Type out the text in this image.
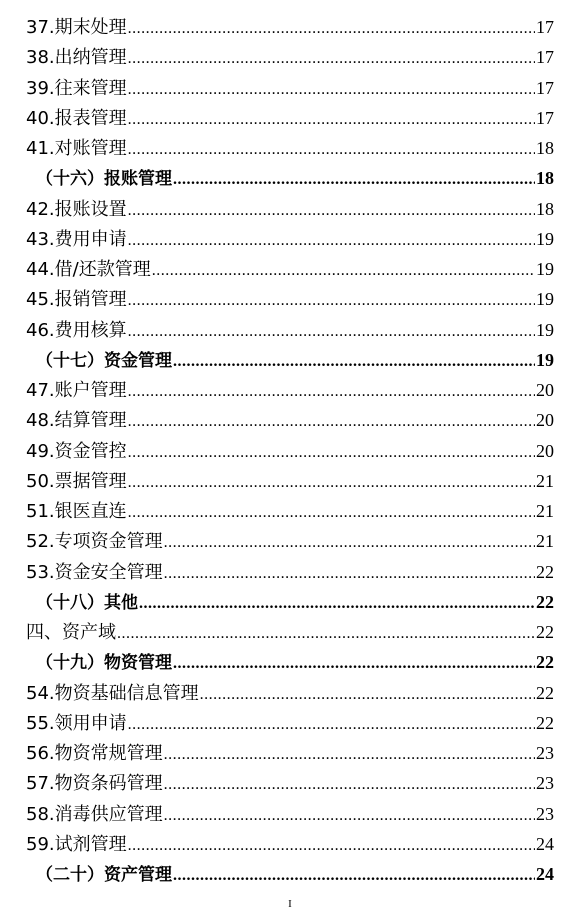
37.期末处理 .....	17
38.出纳管理 .....	17
39.往来管理 .....	17
40.报表管理 .....	17
41.对账管理 .....	18
（十六）报账管理 .....	18
42.报账设置 .....	18
43.费用申请 .....	19
44.借/还款管理 .....	19
45.报销管理 .....	19
46.费用核算 .....	19
（十七）资金管理 .....	19
47.账户管理 .....	20
48.结算管理 .....	20
49.资金管控 .....	20
50.票据管理 .....	21
51.银医直连 .....	21
52.专项资金管理 .....	21
53.资金安全管理 .....	22
（十八）其他 .....	22
四、资产域 .....	22
（十九）物资管理 .....	22
54.物资基础信息管理 .....	22
55.领用申请 .....	22
56.物资常规管理 .....	23
57.物资条码管理 .....	23
58.消毒供应管理 .....	23
59.试剂管理 .....	24
（二十）资产管理 .....	24
I
